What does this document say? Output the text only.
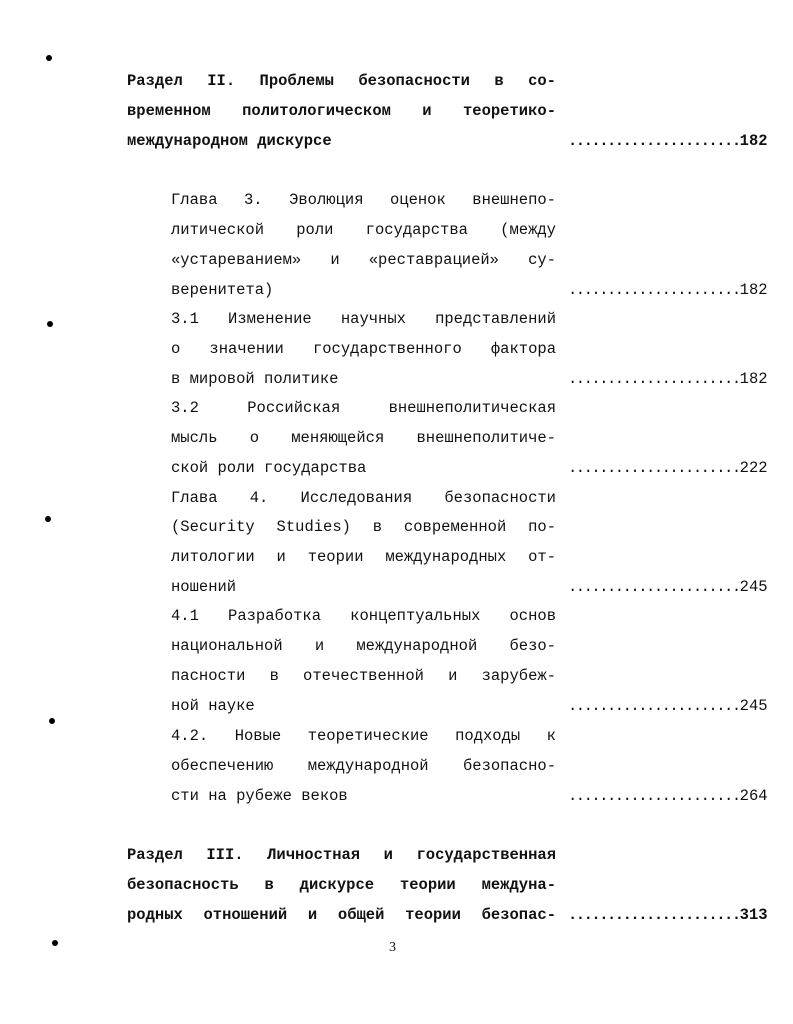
Раздел II. Проблемы безопасности в со-
временном политологическом и теоретико-
международном дискурсе	......................182
Глава 3. Эволюция оценок внешнепо-
литической роли государства (между
«устареванием» и «реставрацией» су-
веренитета)	......................182
3.1 Изменение научных представлений
о значении государственного фактора
в мировой политике	......................182
3.2 Российская внешнеполитическая
мысль о меняющейся внешнеполитиче-
ской роли государства	......................222
Глава 4. Исследования безопасности
(Security Studies) в современной по-
литологии и теории международных от-
ношений	......................245
4.1 Разработка концептуальных основ
национальной и международной безо-
пасности в отечественной и зарубеж-
ной науке	......................245
4.2. Новые теоретические подходы к
обеспечению международной безопасно-
сти на рубеже веков	......................264
Раздел III. Личностная и государственная
безопасность в дискурсе теории междуна-
родных отношений и общей теории безопас- ......................313
3
